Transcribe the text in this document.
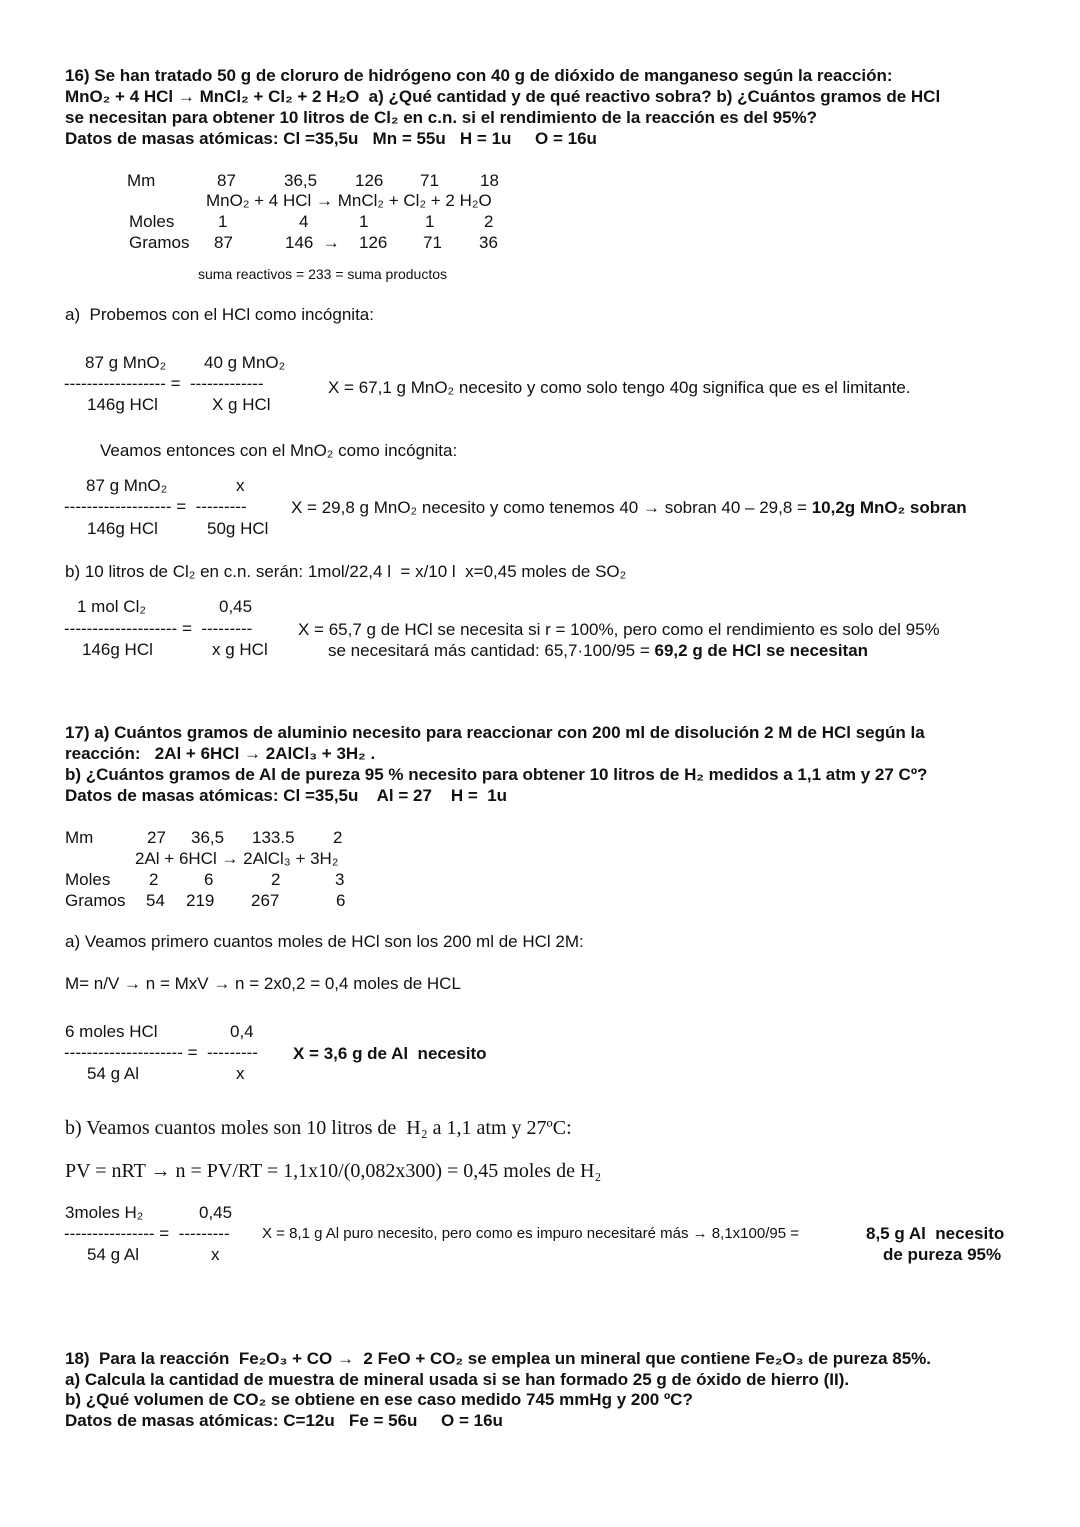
16) Se han tratado 50 g de cloruro de hidrógeno con 40 g de dióxido de manganeso según la reacción:
MnO₂ + 4 HCl → MnCl₂ + Cl₂ + 2 H₂O  a) ¿Qué cantidad y de qué reactivo sobra? b) ¿Cuántos gramos de HCl
se necesitan para obtener 10 litros de Cl₂ en c.n. si el rendimiento de la reacción es del 95%?
Datos de masas atómicas: Cl =35,5u   Mn = 55u   H = 1u     O = 16u
Mm	87	36,5 126 71 18
MnO₂ + 4 HCl → MnCl₂ + Cl₂ + 2 H₂O
Moles	1	4	1	1	2
Gramos 87	146  → 126 71 36
suma reactivos = 233 = suma productos
a)  Probemos con el HCl como incógnita:
87 g MnO₂ 40 g MnO₂
------------------ =  -------------
146g HCl	X g HCl
X = 67,1 g MnO₂ necesito y como solo tengo 40g significa que es el limitante.
Veamos entonces con el MnO₂ como incógnita:
87 g MnO₂	x
------------------- =  ---------
146g HCl	50g HCl
X = 29,8 g MnO₂ necesito y como tenemos 40 → sobran 40 – 29,8 = 10,2g MnO₂ sobran
b) 10 litros de Cl₂ en c.n. serán: 1mol/22,4 l  = x/10 l  x=0,45 moles de SO₂
1 mol Cl₂	0,45
-------------------- =  ---------
146g HCl	x g HCl
X = 65,7 g de HCl se necesita si r = 100%, pero como el rendimiento es solo del 95%
se necesitará más cantidad: 65,7·100/95 = 69,2 g de HCl se necesitan
17) a) Cuántos gramos de aluminio necesito para reaccionar con 200 ml de disolución 2 M de HCl según la
reacción:   2Al + 6HCl → 2AlCl₃ + 3H₂ .
b) ¿Cuántos gramos de Al de pureza 95 % necesito para obtener 10 litros de H₂ medidos a 1,1 atm y 27 Cº?
Datos de masas atómicas: Cl =35,5u    Al = 27    H =  1u
Mm	27 36,5 133.5 2
2Al + 6HCl → 2AlCl₃ + 3H₂
Moles 2	6	2	3
Gramos 54 219 267	6
a) Veamos primero cuantos moles de HCl son los 200 ml de HCl 2M:
M= n/V → n = MxV → n = 2x0,2 = 0,4 moles de HCL
6 moles HCl	0,4
--------------------- =  ---------
54 g Al	x
X = 3,6 g de Al  necesito
b) Veamos cuantos moles son 10 litros de  H₂ a 1,1 atm y 27ºC:
PV = nRT → n = PV/RT = 1,1x10/(0,082x300) = 0,45 moles de H₂
3moles H₂	0,45
---------------- =  ---------
54 g Al	x
X = 8,1 g Al puro necesito, pero como es impuro necesitaré más → 8,1x100/95 =	8,5 g Al  necesito
de pureza 95%
18)  Para la reacción  Fe₂O₃ + CO →  2 FeO + CO₂ se emplea un mineral que contiene Fe₂O₃ de pureza 85%.
a) Calcula la cantidad de muestra de mineral usada si se han formado 25 g de óxido de hierro (II).
b) ¿Qué volumen de CO₂ se obtiene en ese caso medido 745 mmHg y 200 ºC?
Datos de masas atómicas: C=12u   Fe = 56u     O = 16u
